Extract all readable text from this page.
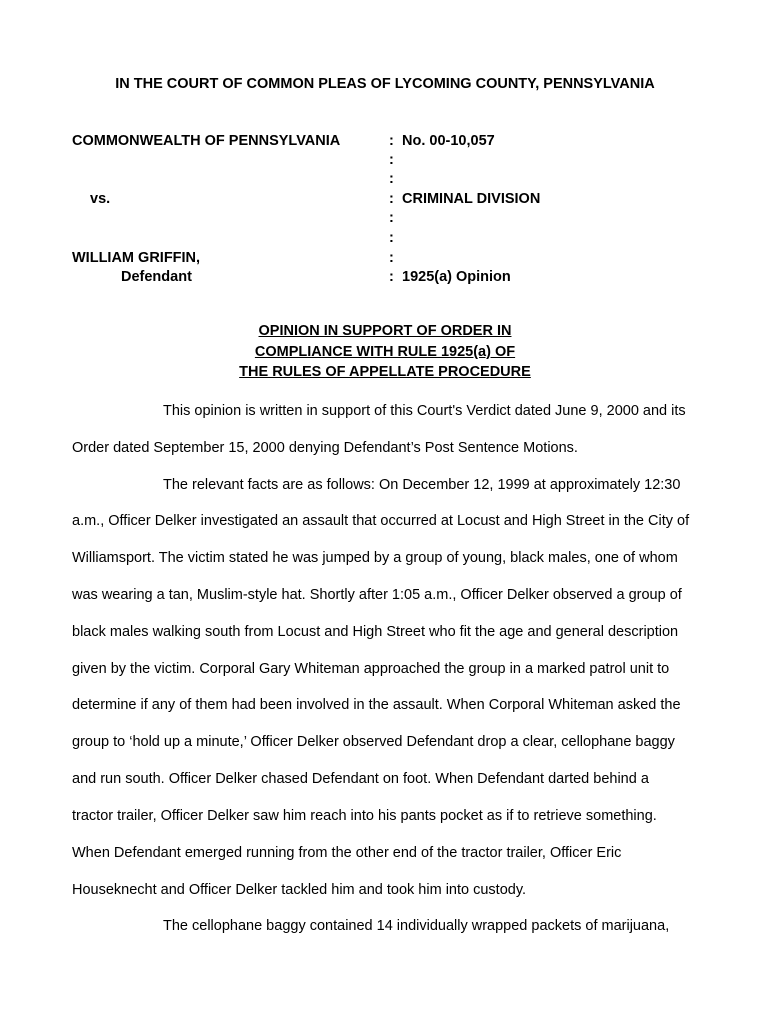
IN THE COURT OF COMMON PLEAS OF LYCOMING COUNTY, PENNSYLVANIA
COMMONWEALTH OF PENNSYLVANIA
vs.
WILLIAM GRIFFIN,
Defendant
:
:
:
:
:
:
:
:
No. 00-10,057
CRIMINAL DIVISION
1925(a) Opinion
OPINION IN SUPPORT OF ORDER IN
COMPLIANCE WITH RULE 1925(a) OF
THE RULES OF APPELLATE PROCEDURE
This opinion is written in support of this Court's Verdict dated June 9, 2000 and its
Order dated September 15, 2000 denying Defendant’s Post Sentence Motions.
The relevant facts are as follows: On December 12, 1999 at approximately 12:30
a.m., Officer Delker investigated an assault that occurred at Locust and High Street in the City of
Williamsport. The victim stated he was jumped by a group of young, black males, one of whom
was wearing a tan, Muslim-style hat. Shortly after 1:05 a.m., Officer Delker observed a group of
black males walking south from Locust and High Street who fit the age and general description
given by the victim. Corporal Gary Whiteman approached the group in a marked patrol unit to
determine if any of them had been involved in the assault. When Corporal Whiteman asked the
group to ‘hold up a minute,’ Officer Delker observed Defendant drop a clear, cellophane baggy
and run south. Officer Delker chased Defendant on foot. When Defendant darted behind a
tractor trailer, Officer Delker saw him reach into his pants pocket as if to retrieve something.
When Defendant emerged running from the other end of the tractor trailer, Officer Eric
Houseknecht and Officer Delker tackled him and took him into custody.
The cellophane baggy contained 14 individually wrapped packets of marijuana,
